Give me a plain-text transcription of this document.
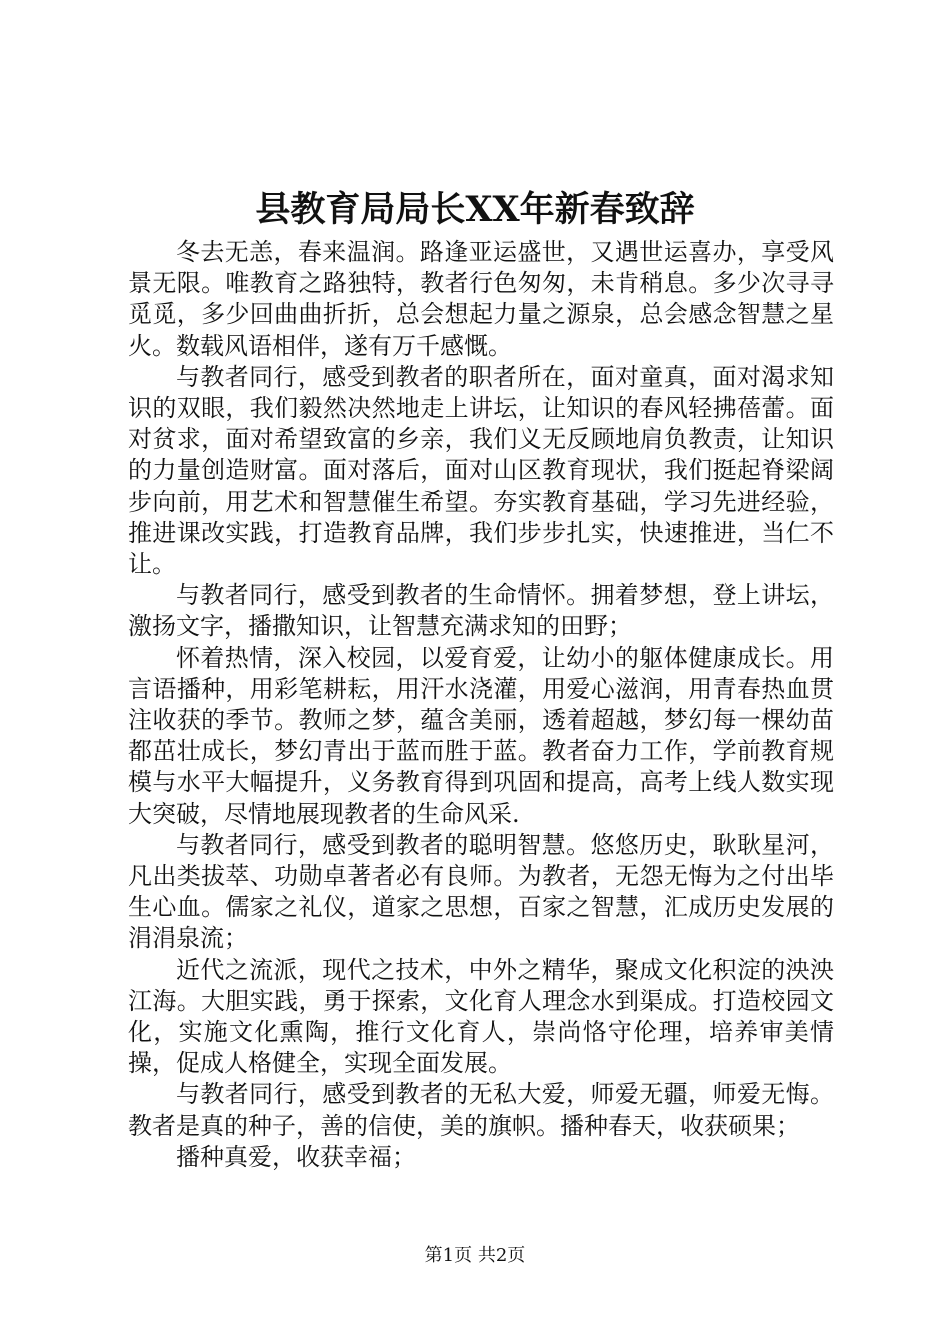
县教育局局长XX年新春致辞

冬去无恙，春来温润。路逢亚运盛世，又遇世运喜办，享受风景无限。唯教育之路独特，教者行色匆匆，未肯稍息。多少次寻寻觅觅，多少回曲曲折折，总会想起力量之源泉，总会感念智慧之星火。数载风语相伴，遂有万千感慨。

与教者同行，感受到教者的职者所在，面对童真，面对渴求知识的双眼，我们毅然决然地走上讲坛，让知识的春风轻拂蓓蕾。面对贫求，面对希望致富的乡亲，我们义无反顾地肩负教责，让知识的力量创造财富。面对落后，面对山区教育现状，我们挺起脊梁阔步向前，用艺术和智慧催生希望。夯实教育基础，学习先进经验，推进课改实践，打造教育品牌，我们步步扎实，快速推进，当仁不让。

与教者同行，感受到教者的生命情怀。拥着梦想，登上讲坛，激扬文字，播撒知识，让智慧充满求知的田野；

怀着热情，深入校园，以爱育爱，让幼小的躯体健康成长。用言语播种，用彩笔耕耘，用汗水浇灌，用爱心滋润，用青春热血贯注收获的季节。教师之梦，蕴含美丽，透着超越，梦幻每一棵幼苗都茁壮成长，梦幻青出于蓝而胜于蓝。教者奋力工作，学前教育规模与水平大幅提升，义务教育得到巩固和提高，高考上线人数实现大突破，尽情地展现教者的生命风采.

与教者同行，感受到教者的聪明智慧。悠悠历史，耿耿星河，凡出类拔萃、功勋卓著者必有良师。为教者，无怨无悔为之付出毕生心血。儒家之礼仪，道家之思想，百家之智慧，汇成历史发展的涓涓泉流；

近代之流派，现代之技术，中外之精华，聚成文化积淀的泱泱江海。大胆实践，勇于探索，文化育人理念水到渠成。打造校园文化，实施文化熏陶，推行文化育人，崇尚恪守伦理，培养审美情操，促成人格健全，实现全面发展。

与教者同行，感受到教者的无私大爱，师爱无疆，师爱无悔。教者是真的种子，善的信使，美的旗帜。播种春天，收获硕果；

播种真爱，收获幸福；

第1页 共2页
